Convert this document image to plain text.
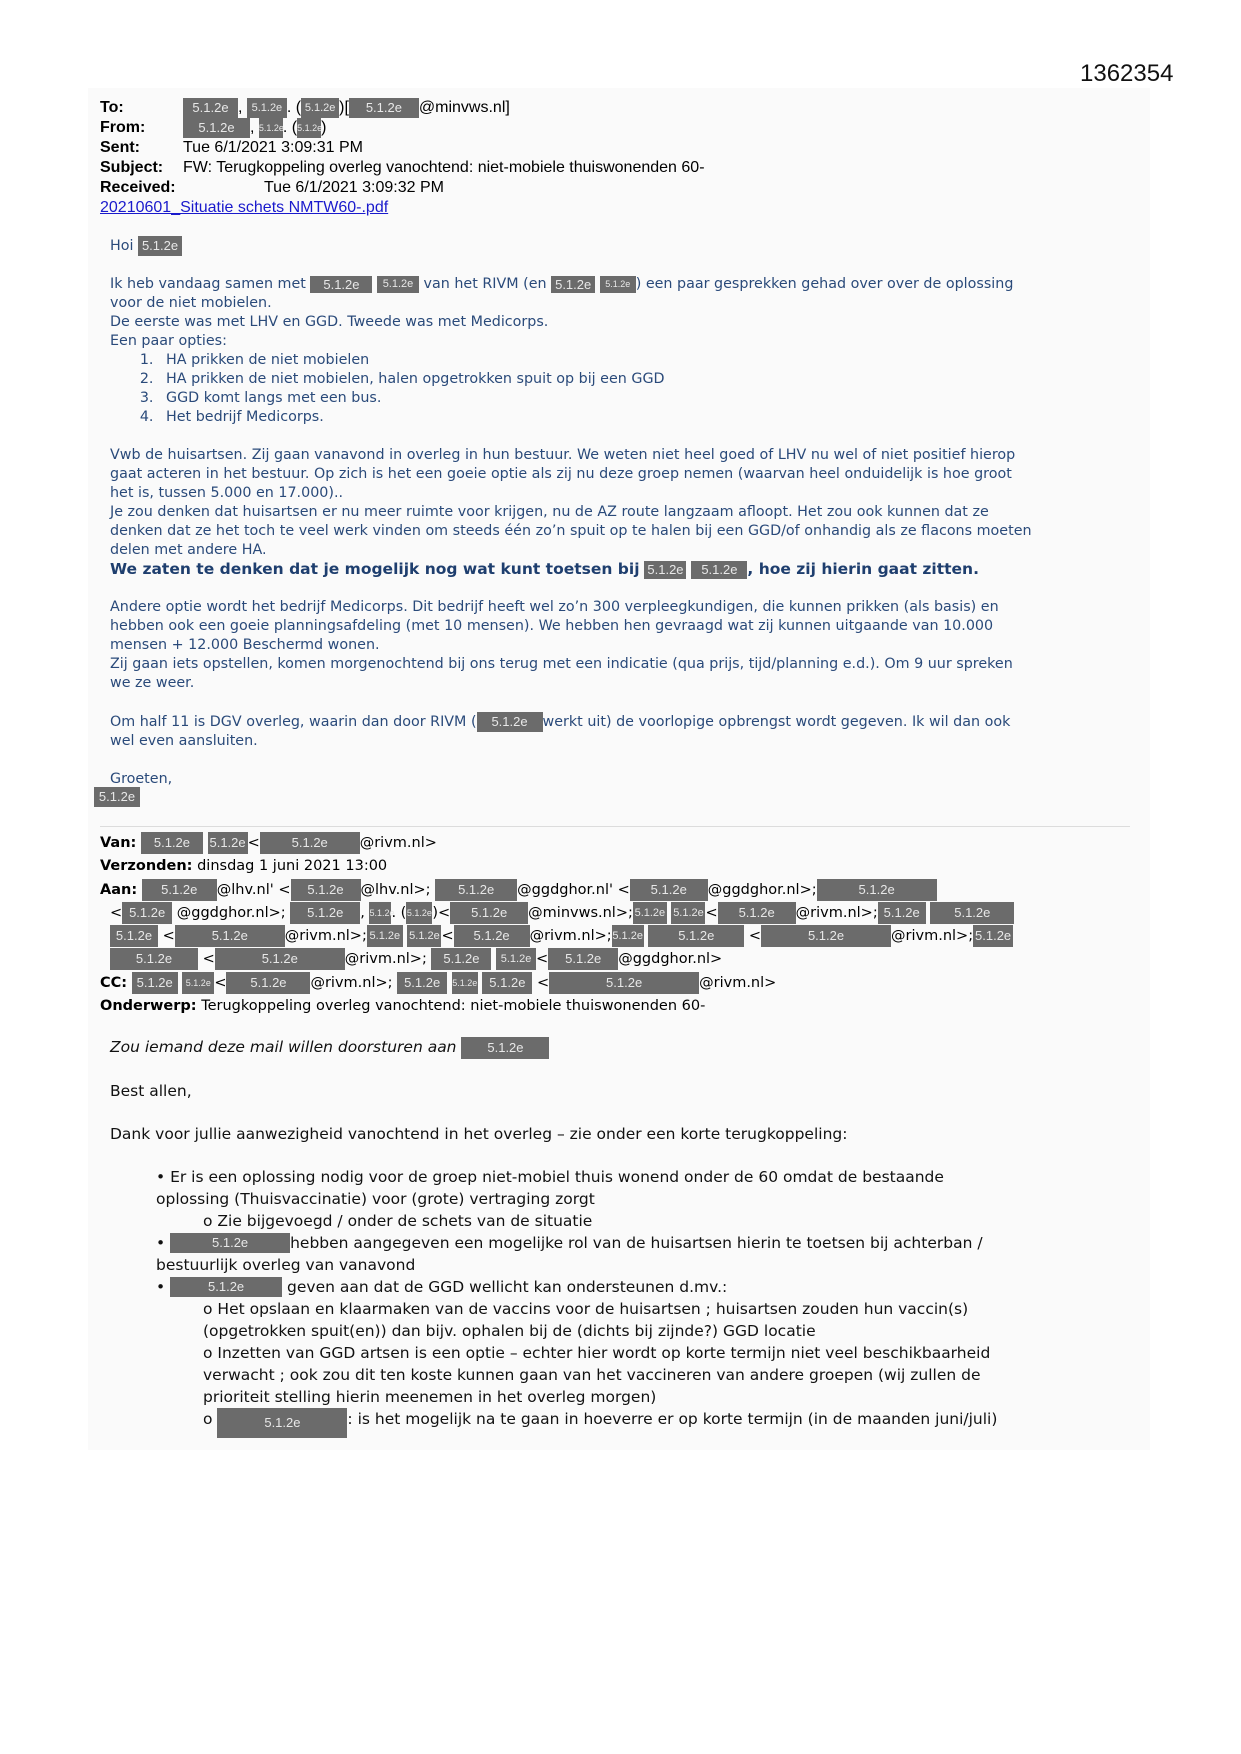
1362354
To:	5.1.2e , 5.1.2e . ( 5.1.2e )[ 5.1.2e @minvws.nl]
From:	5.1.2e , 5.1.2e. (5.1.2e)
Sent:	Tue 6/1/2021 3:09:31 PM
Subject: FW: Terugkoppeling overleg vanochtend: niet-mobiele thuiswonenden 60-
Received:	Tue 6/1/2021 3:09:32 PM
20210601_Situatie schets NMTW60-.pdf

Hoi 5.1.2e

Ik heb vandaag samen met 5.1.2e 5.1.2e van het RIVM (en 5.1.2e 5.1.2e ) een paar gesprekken gehad over over de oplossing

voor de niet mobielen.

De eerste was met LHV en GGD. Tweede was met Medicorps.

Een paar opties:

1. HA prikken de niet mobielen
2. HA prikken de niet mobielen, halen opgetrokken spuit op bij een GGD
3. GGD komt langs met een bus.
4. Het bedrijf Medicorps.

Vwb de huisartsen. Zij gaan vanavond in overleg in hun bestuur. We weten niet heel goed of LHV nu wel of niet positief hierop

gaat acteren in het bestuur. Op zich is het een goeie optie als zij nu deze groep nemen (waarvan heel onduidelijk is hoe groot

het is, tussen 5.000 en 17.000)..

Je zou denken dat huisartsen er nu meer ruimte voor krijgen, nu de AZ route langzaam afloopt. Het zou ook kunnen dat ze

denken dat ze het toch te veel werk vinden om steeds één zo’n spuit op te halen bij een GGD/of onhandig als ze flacons moeten

delen met andere HA.

We zaten te denken dat je mogelijk nog wat kunt toetsen bij 5.1.2e 5.1.2e , hoe zij hierin gaat zitten.

Andere optie wordt het bedrijf Medicorps. Dit bedrijf heeft wel zo’n 300 verpleegkundigen, die kunnen prikken (als basis) en

hebben ook een goeie planningsafdeling (met 10 mensen). We hebben hen gevraagd wat zij kunnen uitgaande van 10.000

mensen + 12.000 Beschermd wonen.

Zij gaan iets opstellen, komen morgenochtend bij ons terug met een indicatie (qua prijs, tijd/planning e.d.). Om 9 uur spreken

we ze weer.

Om half 11 is DGV overleg, waarin dan door RIVM ( 5.1.2e werkt uit) de voorlopige opbrengst wordt gegeven. Ik wil dan ook

wel even aansluiten.

Groeten,

5.1.2e
Van: 5.1.2e 5.1.2e < 5.1.2e @rivm.nl>
Verzonden: dinsdag 1 juni 2021 13:00
Aan: 5.1.2e @lhv.nl' < 5.1.2e @lhv.nl>; 5.1.2e @ggdghor.nl' < 5.1.2e @ggdghor.nl>;	5.1.2e
< 5.1.2e @ggdghor.nl>; 5.1.2e , 5.1.2e. (5.1.2e)< 5.1.2e @minvws.nl>; 5.1.2e 5.1.2e < 5.1.2e @rivm.nl>; 5.1.2e	5.1.2e
5.1.2e <	5.1.2e	@rivm.nl>; 5.1.2e 5.1.2e < 5.1.2e @rivm.nl>;5.1.2e	5.1.2e <	5.1.2e	@rivm.nl>; 5.1.2e
5.1.2e <	5.1.2e	@rivm.nl>; 5.1.2e 5.1.2e < 5.1.2e @ggdghor.nl>
CC: 5.1.2e 5.1.2e < 5.1.2e @rivm.nl>; 5.1.2e 5.1.2e 5.1.2e <	5.1.2e	@rivm.nl>
Onderwerp: Terugkoppeling overleg vanochtend: niet-mobiele thuiswonenden 60-

Zou iemand deze mail willen doorsturen aan 5.1.2e

Best allen,

Dank voor jullie aanwezigheid vanochtend in het overleg – zie onder een korte terugkoppeling:

• Er is een oplossing nodig voor de groep niet-mobiel thuis wonend onder de 60 omdat de bestaande

oplossing (Thuisvaccinatie) voor (grote) vertraging zorgt

o Zie bijgevoegd / onder de schets van de situatie

•	5.1.2e	hebben aangegeven een mogelijke rol van de huisartsen hierin te toetsen bij achterban /

bestuurlijk overleg van vanavond

•	5.1.2e	geven aan dat de GGD wellicht kan ondersteunen d.mv.:

o Het opslaan en klaarmaken van de vaccins voor de huisartsen ; huisartsen zouden hun vaccin(s)

(opgetrokken spuit(en)) dan bijv. ophalen bij de (dichts bij zijnde?) GGD locatie

o Inzetten van GGD artsen is een optie – echter hier wordt op korte termijn niet veel beschikbaarheid

verwacht ; ook zou dit ten koste kunnen gaan van het vaccineren van andere groepen (wij zullen de

prioriteit stelling hierin meenemen in het overleg morgen)

o	5.1.2e	: is het mogelijk na te gaan in hoeverre er op korte termijn (in de maanden juni/juli)
